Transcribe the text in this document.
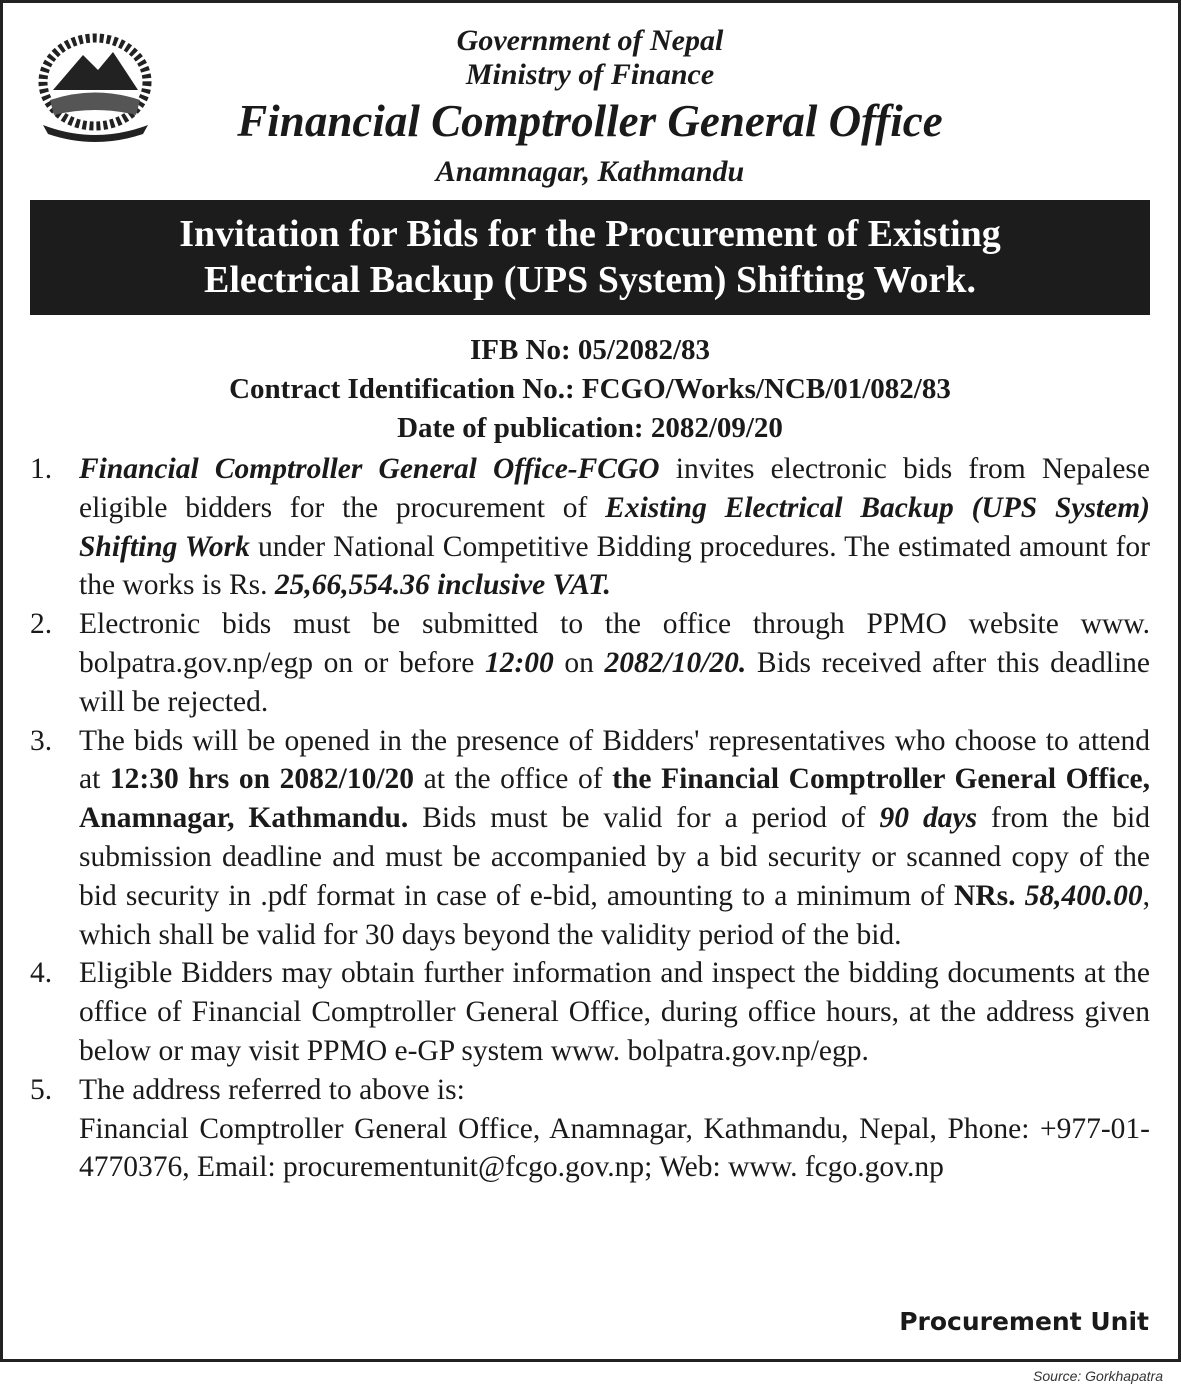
Government of Nepal
Ministry of Finance
Financial Comptroller General Office
Anamnagar, Kathmandu
Invitation for Bids for the Procurement of Existing
Electrical Backup (UPS System) Shifting Work.
IFB No: 05/2082/83
Contract Identification No.: FCGO/Works/NCB/01/082/83
Date of publication: 2082/09/20
1. Financial Comptroller General Office-FCGO invites electronic bids from Nepalese eligible bidders for the procurement of Existing Electrical Backup (UPS System) Shifting Work under National Competitive Bidding procedures. The estimated amount for the works is Rs. 25,66,554.36 inclusive VAT.
2. Electronic bids must be submitted to the office through PPMO website www. bolpatra.gov.np/egp on or before 12:00 on 2082/10/20. Bids received after this deadline will be rejected.
3. The bids will be opened in the presence of Bidders' representatives who choose to attend at 12:30 hrs on 2082/10/20 at the office of the Financial Comptroller General Office, Anamnagar, Kathmandu. Bids must be valid for a period of 90 days from the bid submission deadline and must be accompanied by a bid security or scanned copy of the bid security in .pdf format in case of e-bid, amounting to a minimum of NRs. 58,400.00, which shall be valid for 30 days beyond the validity period of the bid.
4. Eligible Bidders may obtain further information and inspect the bidding documents at the office of Financial Comptroller General Office, during office hours, at the address given below or may visit PPMO e-GP system www. bolpatra.gov.np/egp.
5. The address referred to above is:
Financial Comptroller General Office, Anamnagar, Kathmandu, Nepal, Phone: +977-01-4770376, Email: procurementunit@fcgo.gov.np; Web: www. fcgo.gov.np
Procurement Unit
Source: Gorkhapatra
